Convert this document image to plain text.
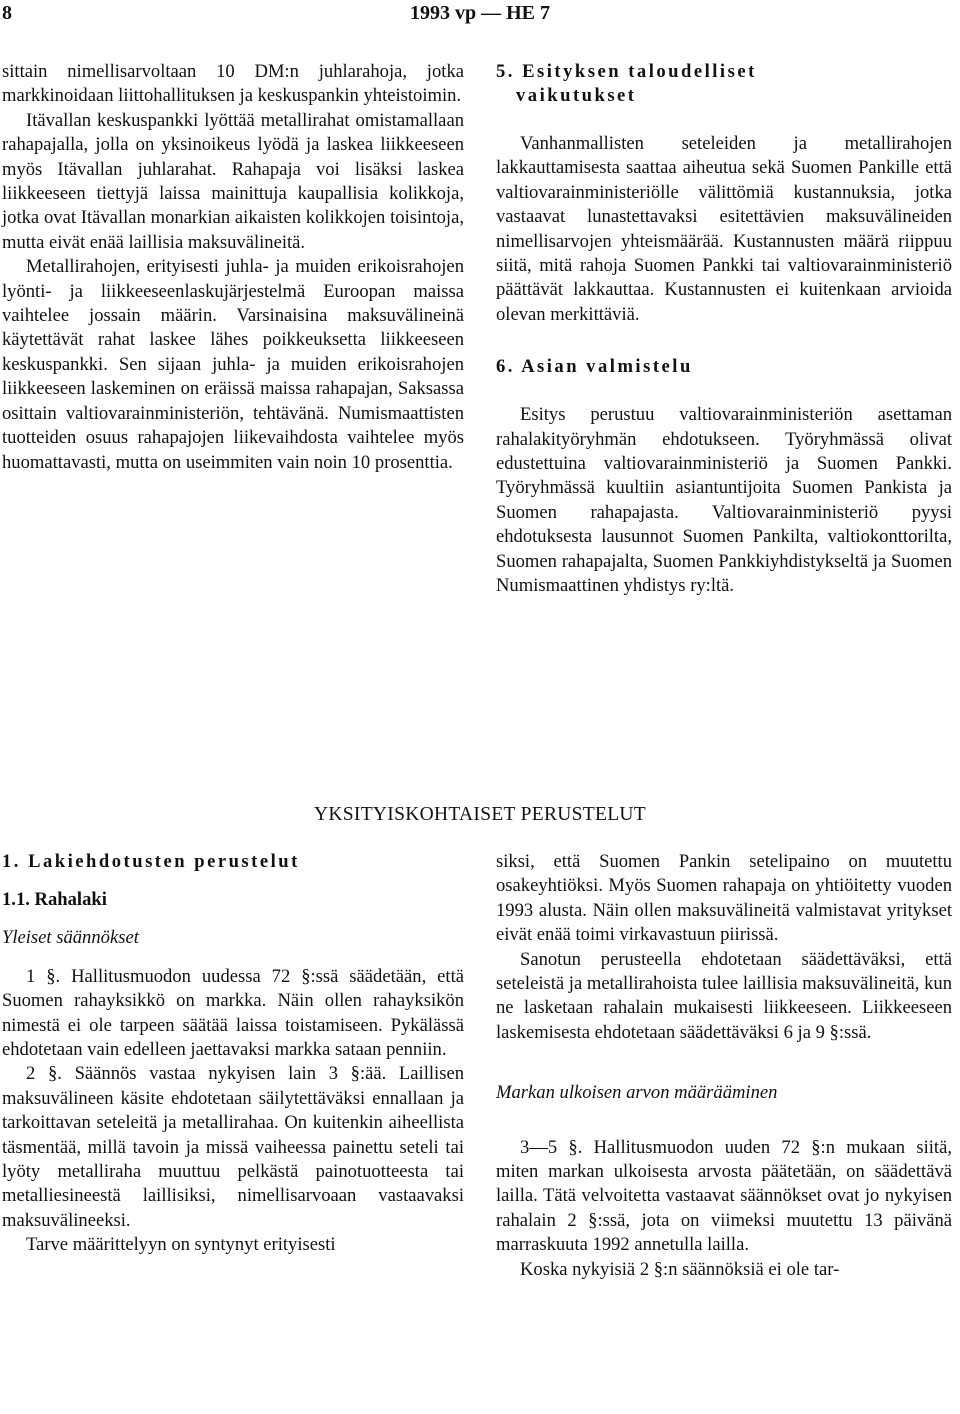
8	1993 vp — HE 7

sittain nimellisarvoltaan 10 DM:n juhlarahoja, jotka markkinoidaan liittohallituksen ja keskuspankin yhteistoimin.

Itävallan keskuspankki lyöttää metallirahat omistamallaan rahapajalla, jolla on yksinoikeus lyödä ja laskea liikkeeseen myös Itävallan juhlarahat. Rahapaja voi lisäksi laskea liikkeeseen tiettyjä laissa mainittuja kaupallisia kolikkoja, jotka ovat Itävallan monarkian aikaisten kolikkojen toisintoja, mutta eivät enää laillisia maksuvälineitä.

Metallirahojen, erityisesti juhla- ja muiden erikoisrahojen lyönti- ja liikkeeseenlaskujärjestelmä Euroopan maissa vaihtelee jossain määrin. Varsinaisina maksuvälineinä käytettävät rahat laskee lähes poikkeuksetta liikkeeseen keskuspankki. Sen sijaan juhla- ja muiden erikoisrahojen liikkeeseen laskeminen on eräissä maissa rahapajan, Saksassa osittain valtiovarainministeriön, tehtävänä. Numismaattisten tuotteiden osuus rahapajojen liikevaihdosta vaihtelee myös huomattavasti, mutta on useimmiten vain noin 10 prosenttia.

5. Esityksen taloudelliset
vaikutukset

Vanhanmallisten seteleiden ja metallirahojen lakkauttamisesta saattaa aiheutua sekä Suomen Pankille että valtiovarainministeriölle välittömiä kustannuksia, jotka vastaavat lunastettavaksi esitettävien maksuvälineiden nimellisarvojen yhteismäärää. Kustannusten määrä riippuu siitä, mitä rahoja Suomen Pankki tai valtiovarainministeriö päättävät lakkauttaa. Kustannusten ei kuitenkaan arvioida olevan merkittäviä.

6. Asian valmistelu

Esitys perustuu valtiovarainministeriön asettaman rahalakityöryhmän ehdotukseen. Työryhmässä olivat edustettuina valtiovarainministeriö ja Suomen Pankki. Työryhmässä kuultiin asiantuntijoita Suomen Pankista ja Suomen rahapajasta. Valtiovarainministeriö pyysi ehdotuksesta lausunnot Suomen Pankilta, valtiokonttorilta, Suomen rahapajalta, Suomen Pankkiyhdistykseltä ja Suomen Numismaattinen yhdistys ry:ltä.

YKSITYISKOHTAISET PERUSTELUT
1. Lakiehdotusten perustelut
1.1. Rahalaki
Yleiset säännökset

1 §. Hallitusmuodon uudessa 72 §:ssä säädetään, että Suomen rahayksikkö on markka. Näin ollen rahayksikön nimestä ei ole tarpeen säätää laissa toistamiseen. Pykälässä ehdotetaan vain edelleen jaettavaksi markka sataan penniin.

2 §. Säännös vastaa nykyisen lain 3 §:ää. Laillisen maksuvälineen käsite ehdotetaan säilytettäväksi ennallaan ja tarkoittavan seteleitä ja metallirahaa. On kuitenkin aiheellista täsmentää, millä tavoin ja missä vaiheessa painettu seteli tai lyöty metalliraha muuttuu pelkästä painotuotteesta tai metalliesineestä laillisiksi, nimellisarvoaan vastaavaksi maksuvälineeksi.

Tarve määrittelyyn on syntynyt erityisesti

siksi, että Suomen Pankin setelipaino on muutettu osakeyhtiöksi. Myös Suomen rahapaja on yhtiöitetty vuoden 1993 alusta. Näin ollen maksuvälineitä valmistavat yritykset eivät enää toimi virkavastuun piirissä.

Sanotun perusteella ehdotetaan säädettäväksi, että seteleistä ja metallirahoista tulee laillisia maksuvälineitä, kun ne lasketaan rahalain mukaisesti liikkeeseen. Liikkeeseen laskemisesta ehdotetaan säädettäväksi 6 ja 9 §:ssä.

Markan ulkoisen arvon määrääminen

3—5 §. Hallitusmuodon uuden 72 §:n mukaan siitä, miten markan ulkoisesta arvosta päätetään, on säädettävä lailla. Tätä velvoitetta vastaavat säännökset ovat jo nykyisen rahalain 2 §:ssä, jota on viimeksi muutettu 13 päivänä marraskuuta 1992 annetulla lailla.

Koska nykyisiä 2 §:n säännöksiä ei ole tar-
